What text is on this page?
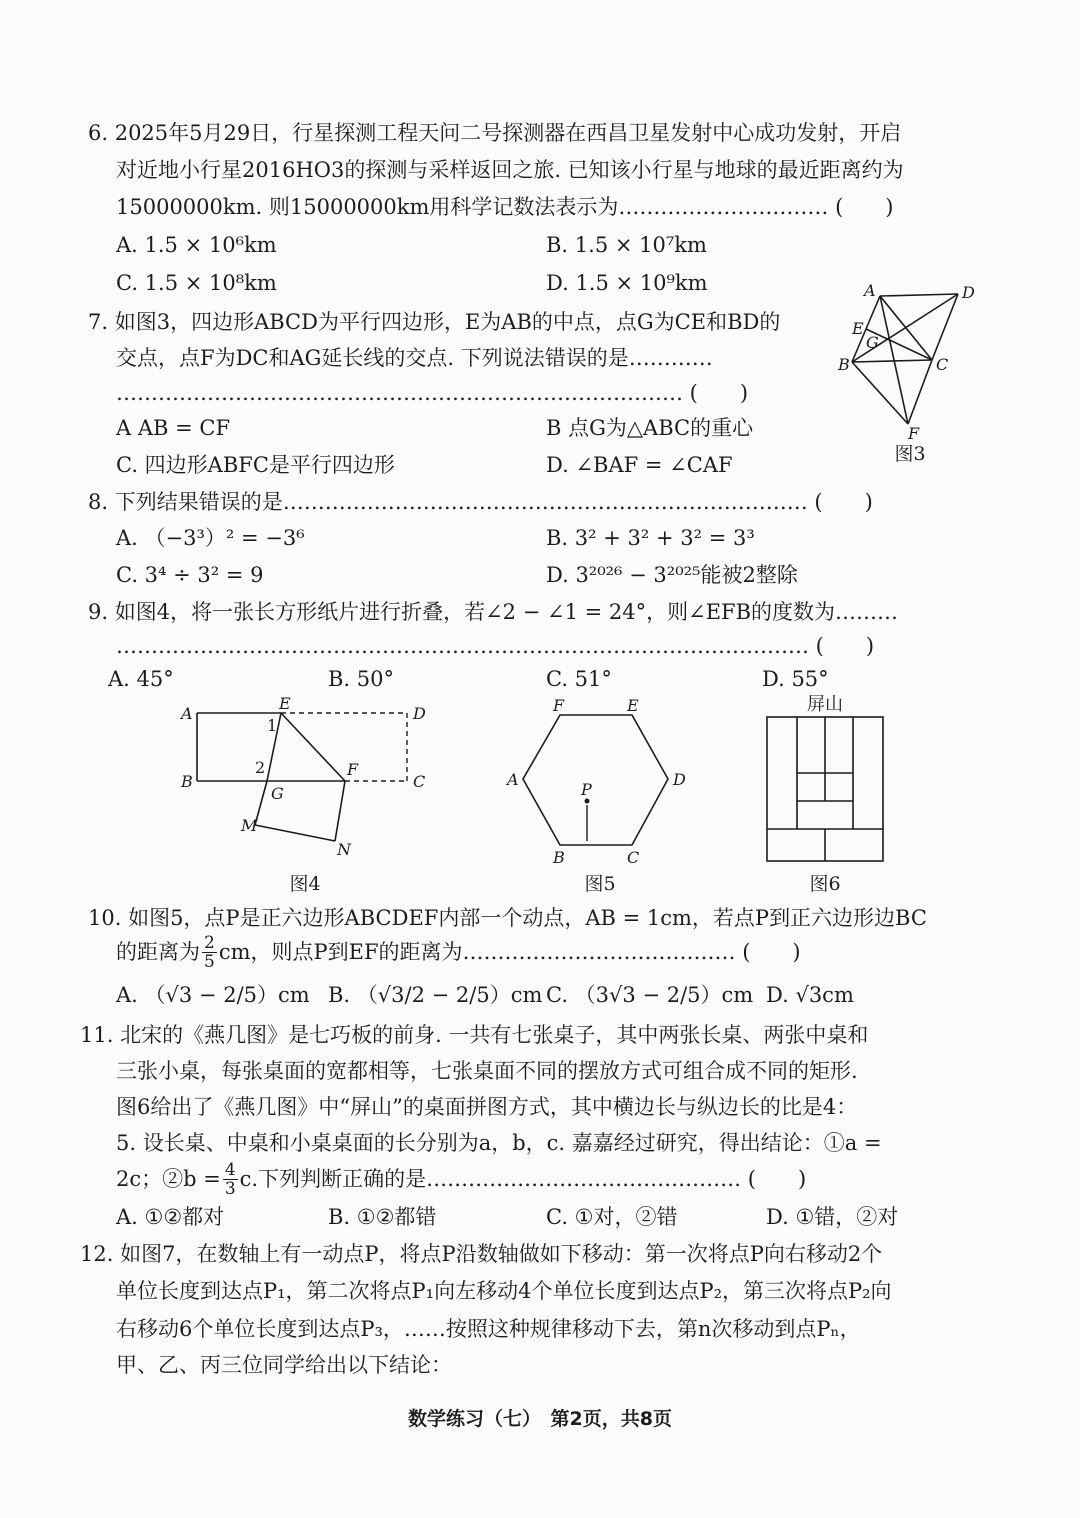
6. 2025年5月29日，行星探测工程天问二号探测器在西昌卫星发射中心成功发射，开启
对近地小行星2016HO3的探测与采样返回之旅. 已知该小行星与地球的最近距离约为
15000000km. 则15000000km用科学记数法表示为………………………… (　　)
A. 1.5 × 10⁶km	B. 1.5 × 10⁷km
C. 1.5 × 10⁸km	D. 1.5 × 10⁹km
7. 如图3，四边形ABCD为平行四边形，E为AB的中点，点G为CE和BD的
交点，点F为DC和AG延长线的交点. 下列说法错误的是…………
……………………………………………………………………… (　　)
A AB = CF	B 点G为△ABC的重心
C. 四边形ABFC是平行四边形	D. ∠BAF = ∠CAF
A	D
E
G
B	C
F
图3
8. 下列结果错误的是………………………………………………………………… (　　)
A. （−3³）² = −3⁶	B. 3² + 3² + 3² = 3³
C. 3⁴ ÷ 3² = 9	D. 3²⁰²⁶ − 3²⁰²⁵能被2整除
9. 如图4，将一张长方形纸片进行折叠，若∠2 − ∠1 = 24°，则∠EFB的度数为………
……………………………………………………………………………………… (　　)
A. 45°	B. 50°	C. 51°	D. 55°
A
E
D
1
2
B
G
F
C
M
N
图4
F	E
A	D
P
B	C
图5
屏山
图6
10. 如图5，点P是正六边形ABCDEF内部一个动点，AB = 1cm，若点P到正六边形边BC
的距离为 $\frac{2}{5}$ cm，则点P到EF的距离为………………………………… (　　)
A. （√3 − 2/5）cm B. （√3/2 − 2/5）cm C. （3√3 − 2/5）cm D. √3cm
11. 北宋的《燕几图》是七巧板的前身. 一共有七张桌子，其中两张长桌、两张中桌和
三张小桌，每张桌面的宽都相等，七张桌面不同的摆放方式可组合成不同的矩形.
图6给出了《燕几图》中“屏山”的桌面拼图方式，其中横边长与纵边长的比是4：
5. 设长桌、中桌和小桌桌面的长分别为a，b，c. 嘉嘉经过研究，得出结论：①a =
2c；②b = $\frac{4}{3} c$.下列判断正确的是……………………………………… (　　)
A. ①②都对	B. ①②都错	C. ①对，②错	D. ①错，②对
12. 如图7，在数轴上有一动点P，将点P沿数轴做如下移动：第一次将点P向右移动2个
单位长度到达点P₁，第二次将点P₁向左移动4个单位长度到达点P₂，第三次将点P₂向
右移动6个单位长度到达点P₃，……按照这种规律移动下去，第n次移动到点Pₙ，
甲、乙、丙三位同学给出以下结论：
数学练习（七）　第2页，共8页
